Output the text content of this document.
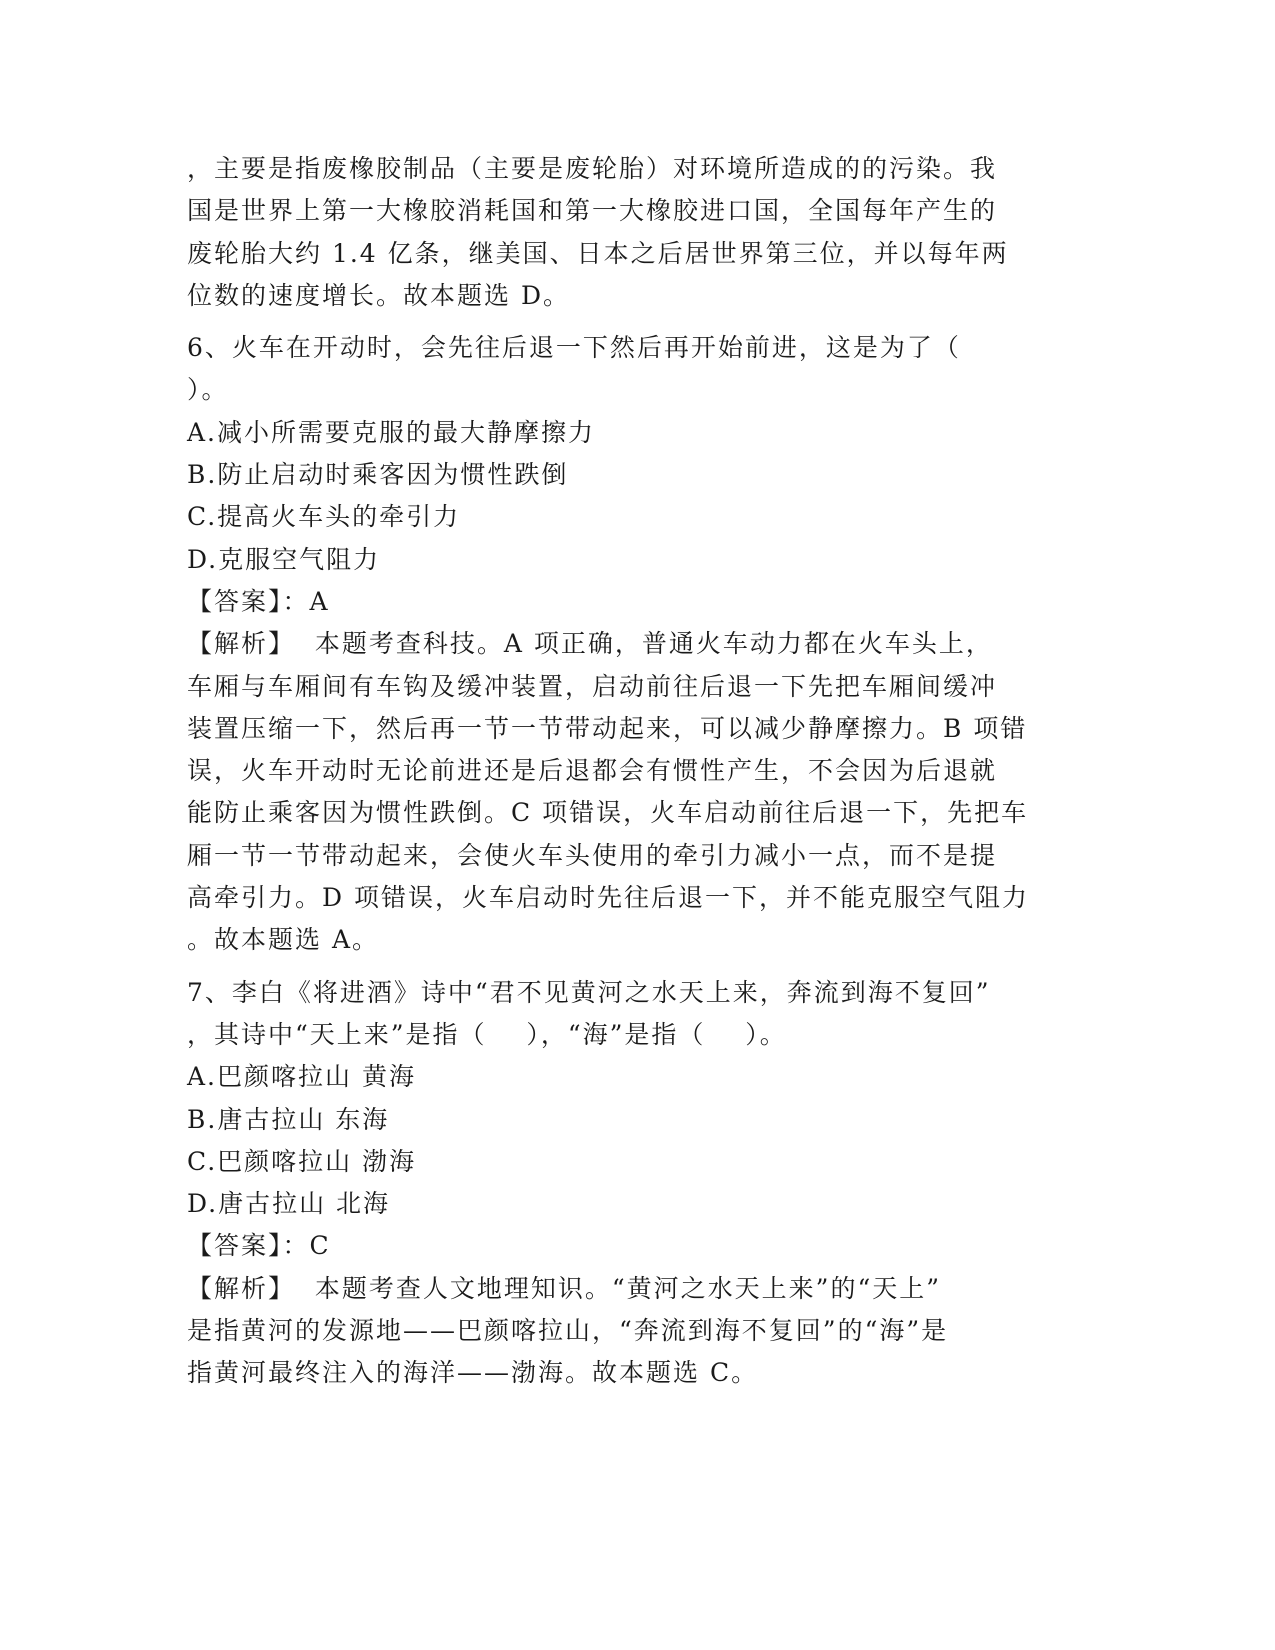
，主要是指废橡胶制品（主要是废轮胎）对环境所造成的的污染。我
国是世界上第一大橡胶消耗国和第一大橡胶进口国，全国每年产生的
废轮胎大约 1.4 亿条，继美国、日本之后居世界第三位，并以每年两
位数的速度增长。故本题选 D。
6、火车在开动时，会先往后退一下然后再开始前进，这是为了（
）。
A.减小所需要克服的最大静摩擦力
B.防止启动时乘客因为惯性跌倒
C.提高火车头的牵引力
D.克服空气阻力
【答案】：A
【解析】  本题考查科技。A 项正确，普通火车动力都在火车头上，
车厢与车厢间有车钩及缓冲装置，启动前往后退一下先把车厢间缓冲
装置压缩一下，然后再一节一节带动起来，可以减少静摩擦力。B 项错
误，火车开动时无论前进还是后退都会有惯性产生，不会因为后退就
能防止乘客因为惯性跌倒。C 项错误，火车启动前往后退一下，先把车
厢一节一节带动起来，会使火车头使用的牵引力减小一点，而不是提
高牵引力。D 项错误，火车启动时先往后退一下，并不能克服空气阻力
。故本题选 A。
7、李白《将进酒》诗中“君不见黄河之水天上来，奔流到海不复回”
，其诗中“天上来”是指（    ），“海”是指（    ）。
A.巴颜喀拉山 黄海
B.唐古拉山 东海
C.巴颜喀拉山 渤海
D.唐古拉山 北海
【答案】：C
【解析】  本题考查人文地理知识。“黄河之水天上来”的“天上”
是指黄河的发源地——巴颜喀拉山，“奔流到海不复回”的“海”是
指黄河最终注入的海洋——渤海。故本题选 C。
